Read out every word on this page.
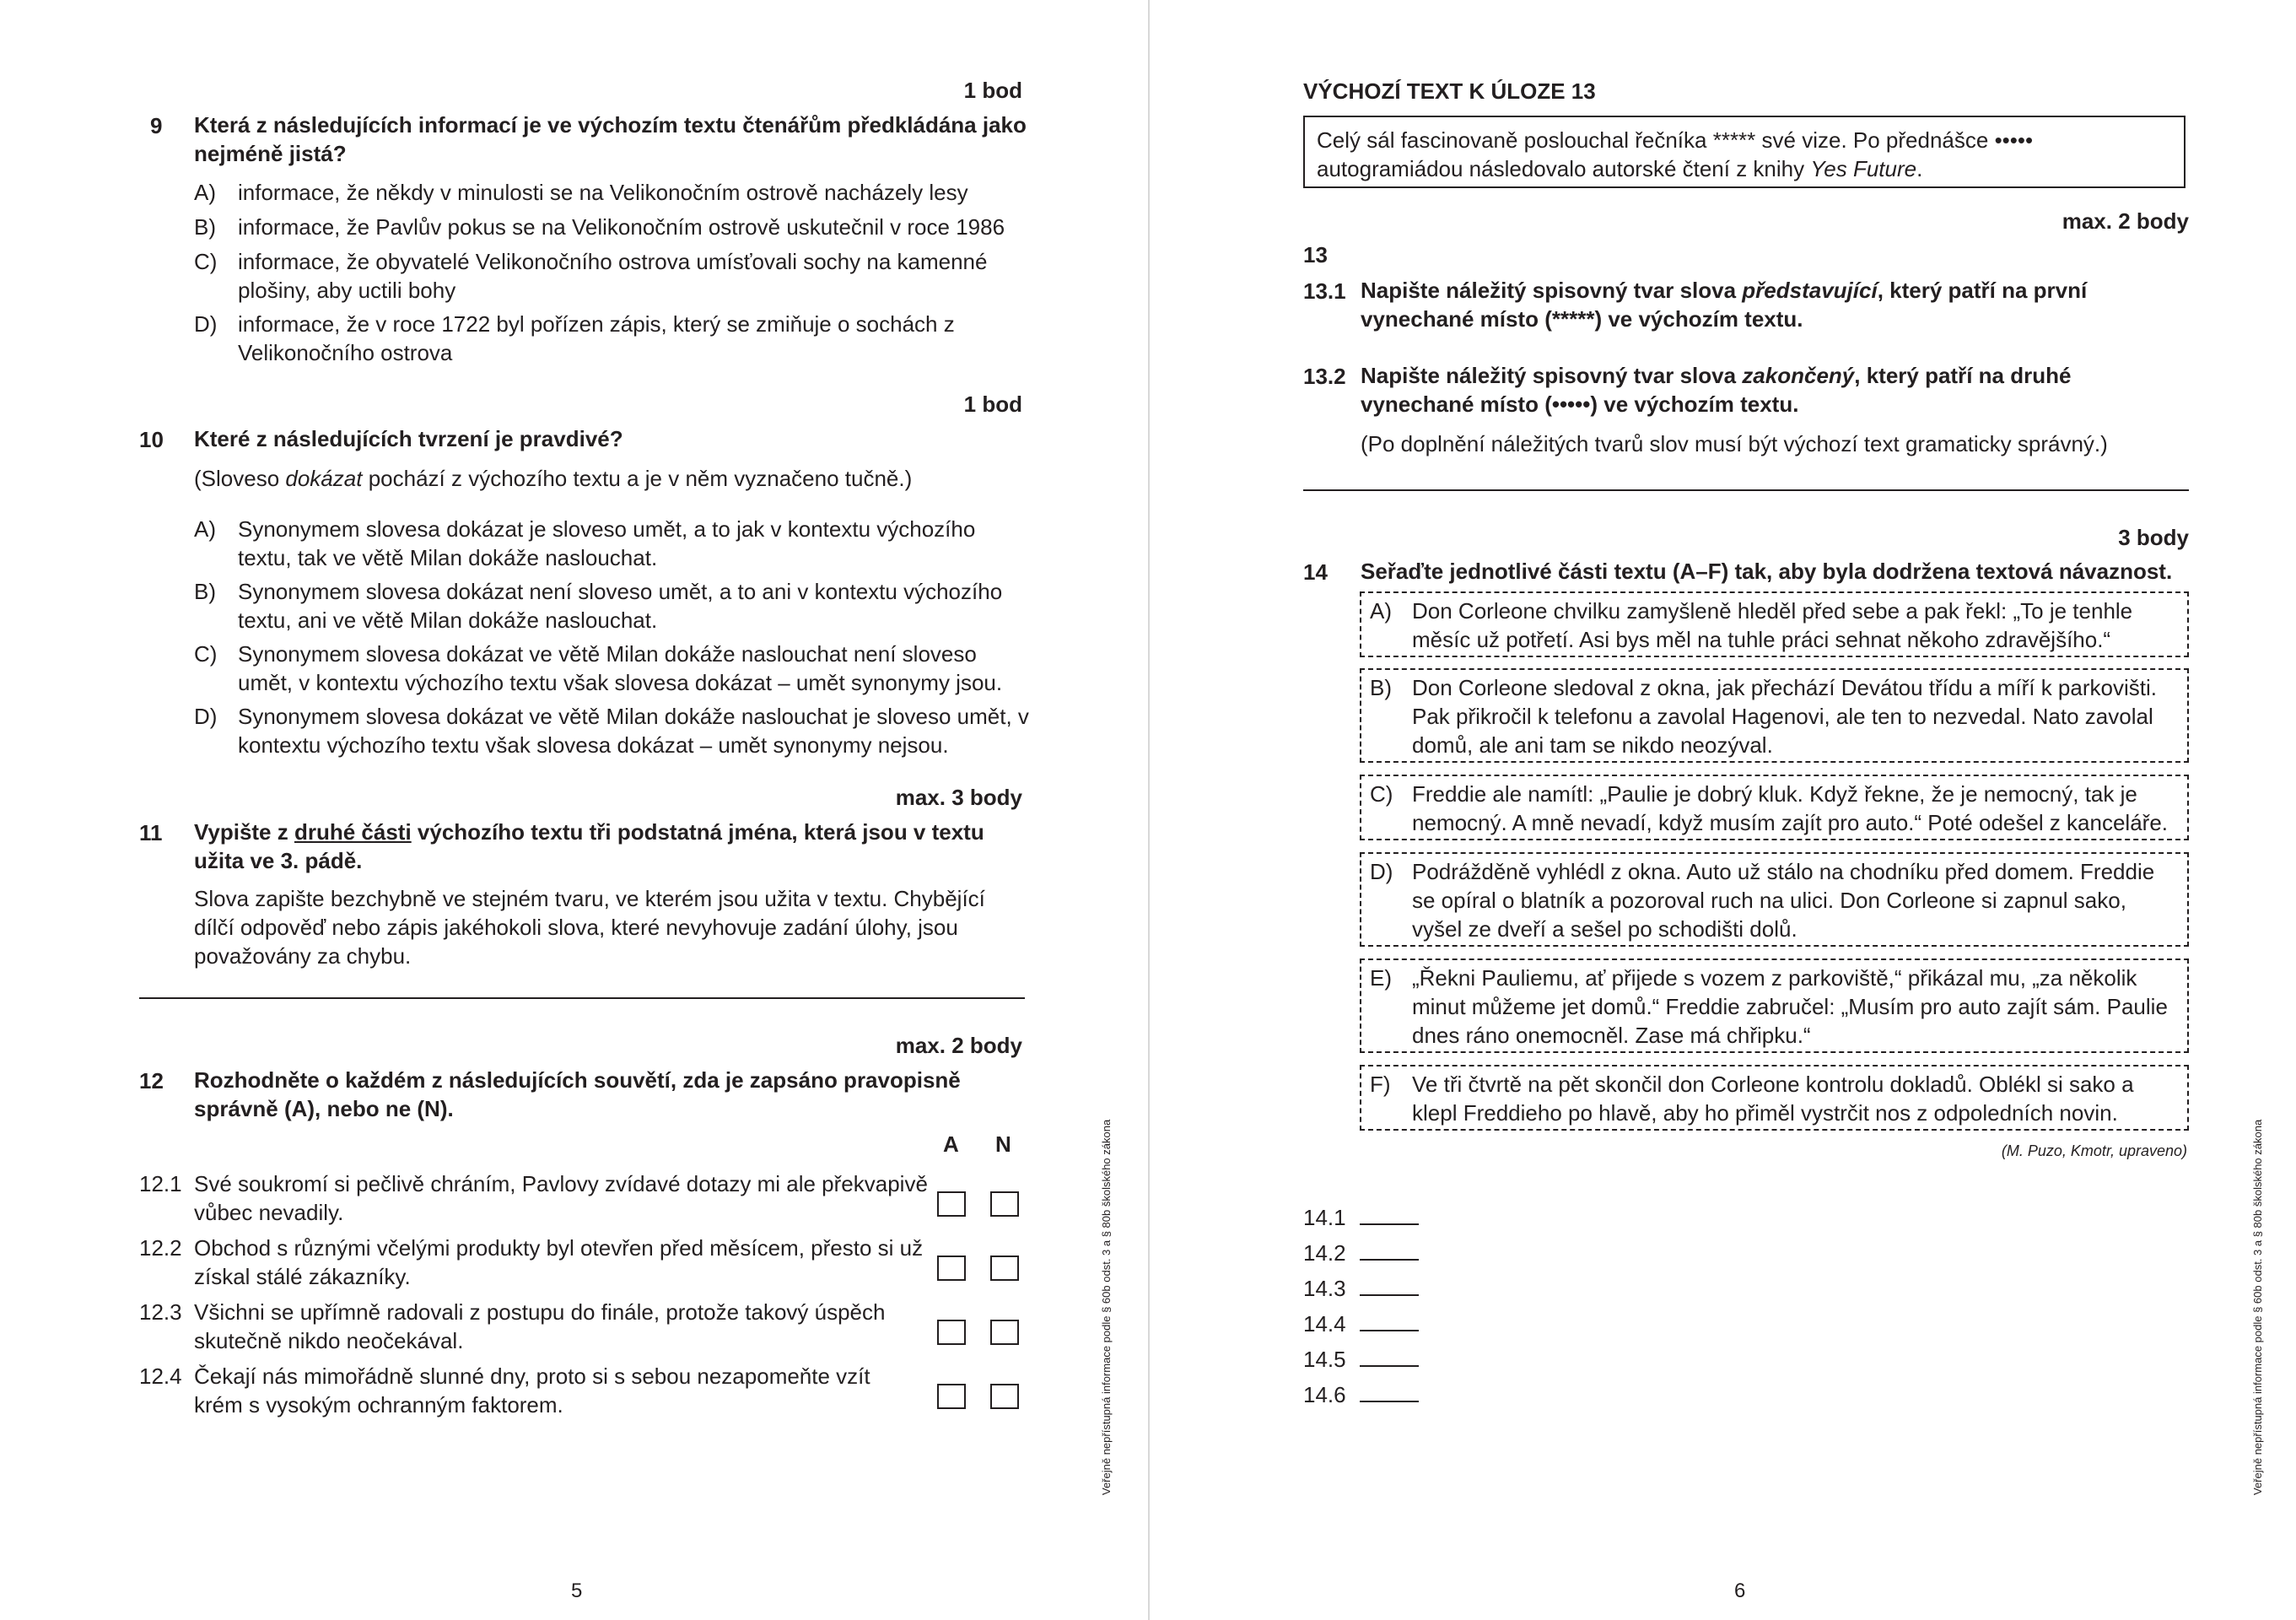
1 bod
9 Která z následujících informací je ve výchozím textu čtenářům předkládána jako nejméně jistá?
A) informace, že někdy v minulosti se na Velikonočním ostrově nacházely lesy
B) informace, že Pavlův pokus se na Velikonočním ostrově uskutečnil v roce 1986
C) informace, že obyvatelé Velikonočního ostrova umísťovali sochy na kamenné plošiny, aby uctili bohy
D) informace, že v roce 1722 byl pořízen zápis, který se zmiňuje o sochách z Velikonočního ostrova
1 bod
10 Které z následujících tvrzení je pravdivé?
(Sloveso dokázat pochází z výchozího textu a je v něm vyznačeno tučně.)
A) Synonymem slovesa dokázat je sloveso umět, a to jak v kontextu výchozího textu, tak ve větě Milan dokáže naslouchat.
B) Synonymem slovesa dokázat není sloveso umět, a to ani v kontextu výchozího textu, ani ve větě Milan dokáže naslouchat.
C) Synonymem slovesa dokázat ve větě Milan dokáže naslouchat není sloveso umět, v kontextu výchozího textu však slovesa dokázat – umět synonymy jsou.
D) Synonymem slovesa dokázat ve větě Milan dokáže naslouchat je sloveso umět, v kontextu výchozího textu však slovesa dokázat – umět synonymy nejsou.
max. 3 body
11 Vypište z druhé části výchozího textu tři podstatná jména, která jsou v textu užita ve 3. pádě.
Slova zapište bezchybně ve stejném tvaru, ve kterém jsou užita v textu. Chybějící dílčí odpověď nebo zápis jakéhokoli slova, které nevyhovuje zadání úlohy, jsou považovány za chybu.
max. 2 body
12 Rozhodněte o každém z následujících souvětí, zda je zapsáno pravopisně správně (A), nebo ne (N).
A N
12.1 Své soukromí si pečlivě chráním, Pavlovy zvídavé dotazy mi ale překvapivě vůbec nevadily.
12.2 Obchod s různými včelými produkty byl otevřen před měsícem, přesto si už získal stálé zákazníky.
12.3 Všichni se upřímně radovali z postupu do finále, protože takový úspěch skutečně nikdo neočekával.
12.4 Čekají nás mimořádně slunné dny, proto si s sebou nezapomeňte vzít krém s vysokým ochranným faktorem.	Veřejně nepřístupná informace podle § 60b odst. 3 a § 80b školského zákona
5
VÝCHOZÍ TEXT K ÚLOZE 13
Celý sál fascinovaně poslouchal řečníka ***** své vize. Po přednášce ••••• autogramiádou následovalo autorské čtení z knihy Yes Future.
max. 2 body
13
13.1 Napište náležitý spisovný tvar slova představující, který patří na první vynechané místo (*****) ve výchozím textu.
13.2 Napište náležitý spisovný tvar slova zakončený, který patří na druhé vynechané místo (•••••) ve výchozím textu.
(Po doplnění náležitých tvarů slov musí být výchozí text gramaticky správný.)
3 body
14 Seřaďte jednotlivé části textu (A–F) tak, aby byla dodržena textová návaznost.
A) Don Corleone chvilku zamyšleně hleděl před sebe a pak řekl: „To je tenhle měsíc už potřetí. Asi bys měl na tuhle práci sehnat někoho zdravějšího.“
B) Don Corleone sledoval z okna, jak přechází Devátou třídu a míří k parkovišti. Pak přikročil k telefonu a zavolal Hagenovi, ale ten to nezvedal. Nato zavolal domů, ale ani tam se nikdo neozýval.
C) Freddie ale namítl: „Paulie je dobrý kluk. Když řekne, že je nemocný, tak je nemocný. A mně nevadí, když musím zajít pro auto.“ Poté odešel z kanceláře.
D) Podrážděně vyhlédl z okna. Auto už stálo na chodníku před domem. Freddie se opíral o blatník a pozoroval ruch na ulici. Don Corleone si zapnul sako, vyšel ze dveří a sešel po schodišti dolů.
E) „Řekni Pauliemu, ať přijede s vozem z parkoviště,“ přikázal mu, „za několik minut můžeme jet domů.“ Freddie zabručel: „Musím pro auto zajít sám. Paulie dnes ráno onemocněl. Zase má chřipku.“
F) Ve tři čtvrtě na pět skončil don Corleone kontrolu dokladů. Oblékl si sako a klepl Freddieho po hlavě, aby ho přiměl vystrčit nos z odpoledních novin.
(M. Puzo, Kmotr, upraveno)
14.1
14.2
14.3
14.4
14.5
14.6	Veřejně nepřístupná informace podle § 60b odst. 3 a § 80b školského zákona
6
